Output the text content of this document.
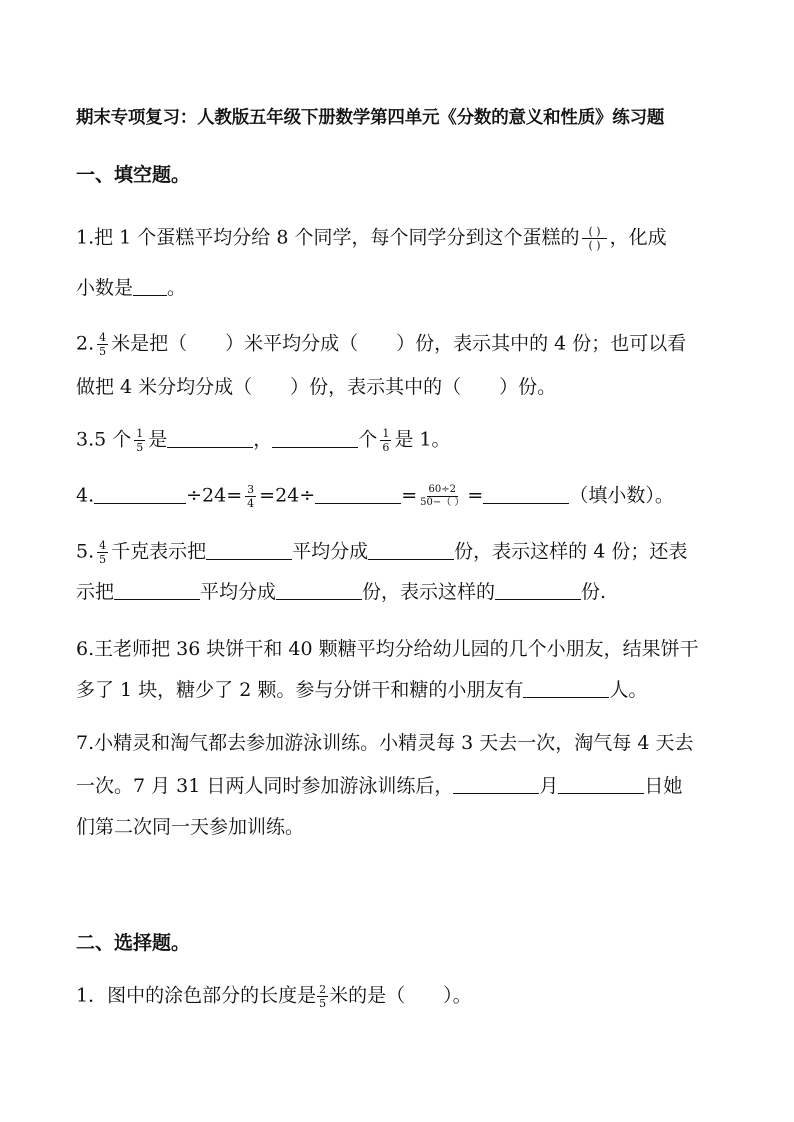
期末专项复习：人教版五年级下册数学第四单元《分数的意义和性质》练习题
一、填空题。
1.把 1 个蛋糕平均分给 8 个同学，每个同学分到这个蛋糕的 $\frac{( )}{( )}$ ，化成
小数是 。
2. $\frac{4}{5}$ 米是把（　　）米平均分成（　　）份，表示其中的 4 份；也可以看
做把 4 米分均分成（　　）份，表示其中的（　　）份。
3.5 个 $\frac{1}{5}$ 是	，	个 $\frac{1}{6}$ 是 1。
4.	$\div 24= \frac{3}{4} =24\div$	= $\frac{60\div 2}{50-( )}$ =	（填小数）。
5. $\frac{4}{5}$ 千克表示把	平均分成	份，表示这样的 4 份；还表
示把	平均分成	份，表示这样的	份.
6.王老师把 36 块饼干和 40 颗糖平均分给幼儿园的几个小朋友，结果饼干
多了 1 块，糖少了 2 颗。参与分饼干和糖的小朋友有	人。
7.小精灵和淘气都去参加游泳训练。小精灵每 3 天去一次，淘气每 4 天去
一次。7 月 31 日两人同时参加游泳训练后，	月	日她
们第二次同一天参加训练。
二、选择题。
1．图中的涂色部分的长度是 $\frac{2}{5}$ 米的是（　　）。
